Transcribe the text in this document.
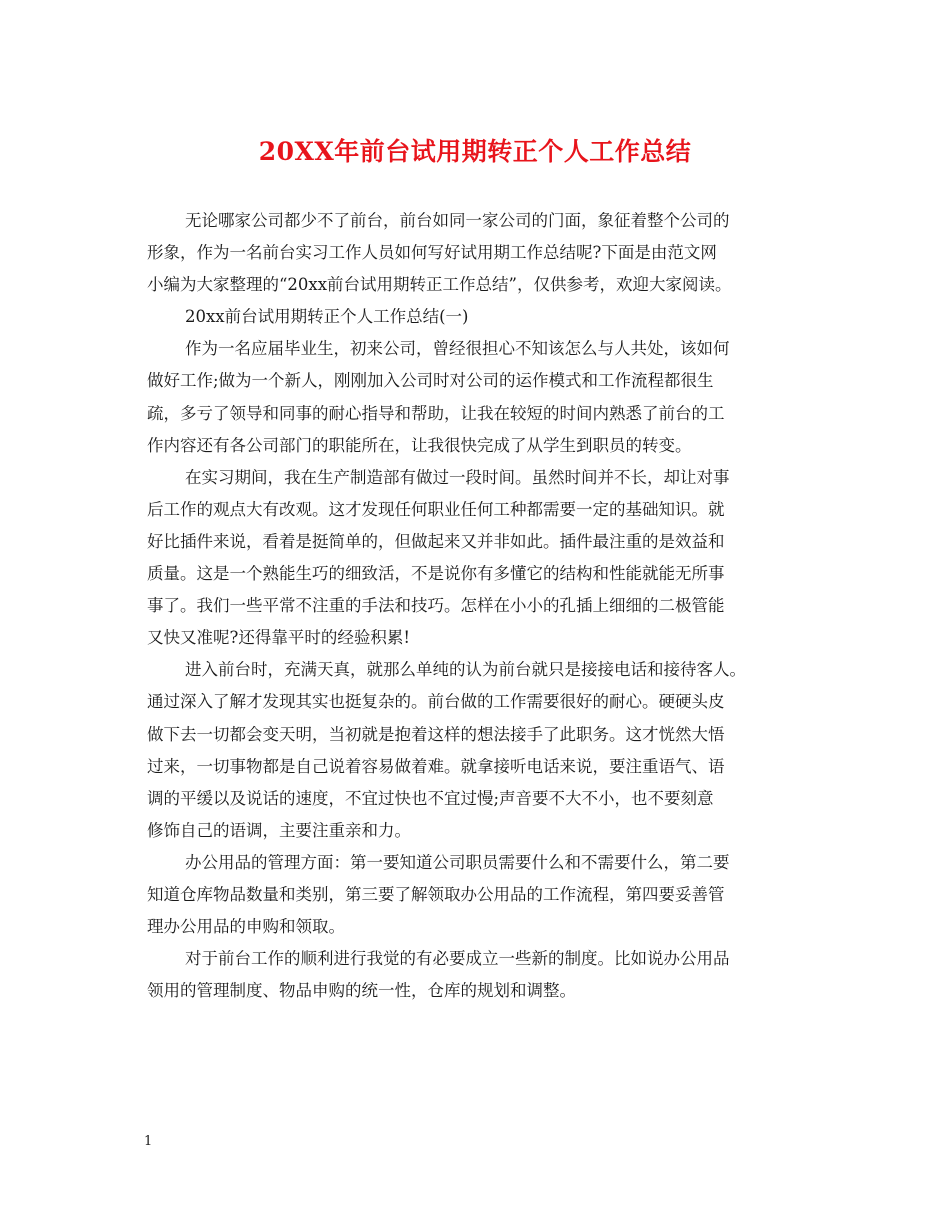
20XX年前台试用期转正个人工作总结
无论哪家公司都少不了前台，前台如同一家公司的门面，象征着整个公司的
形象，作为一名前台实习工作人员如何写好试用期工作总结呢?下面是由范文网
小编为大家整理的“20xx前台试用期转正工作总结”，仅供参考，欢迎大家阅读。
20xx前台试用期转正个人工作总结(一)
作为一名应届毕业生，初来公司，曾经很担心不知该怎么与人共处，该如何
做好工作;做为一个新人，刚刚加入公司时对公司的运作模式和工作流程都很生
疏，多亏了领导和同事的耐心指导和帮助，让我在较短的时间内熟悉了前台的工
作内容还有各公司部门的职能所在，让我很快完成了从学生到职员的转变。
在实习期间，我在生产制造部有做过一段时间。虽然时间并不长，却让对事
后工作的观点大有改观。这才发现任何职业任何工种都需要一定的基础知识。就
好比插件来说，看着是挺简单的，但做起来又并非如此。插件最注重的是效益和
质量。这是一个熟能生巧的细致活，不是说你有多懂它的结构和性能就能无所事
事了。我们一些平常不注重的手法和技巧。怎样在小小的孔插上细细的二极管能
又快又准呢?还得靠平时的经验积累!
进入前台时，充满天真，就那么单纯的认为前台就只是接接电话和接待客人。
通过深入了解才发现其实也挺复杂的。前台做的工作需要很好的耐心。硬硬头皮
做下去一切都会变天明，当初就是抱着这样的想法接手了此职务。这才恍然大悟
过来，一切事物都是自己说着容易做着难。就拿接听电话来说，要注重语气、语
调的平缓以及说话的速度，不宜过快也不宜过慢;声音要不大不小，也不要刻意
修饰自己的语调，主要注重亲和力。
办公用品的管理方面：第一要知道公司职员需要什么和不需要什么，第二要
知道仓库物品数量和类别，第三要了解领取办公用品的工作流程，第四要妥善管
理办公用品的申购和领取。
对于前台工作的顺利进行我觉的有必要成立一些新的制度。比如说办公用品
领用的管理制度、物品申购的统一性，仓库的规划和调整。
1
